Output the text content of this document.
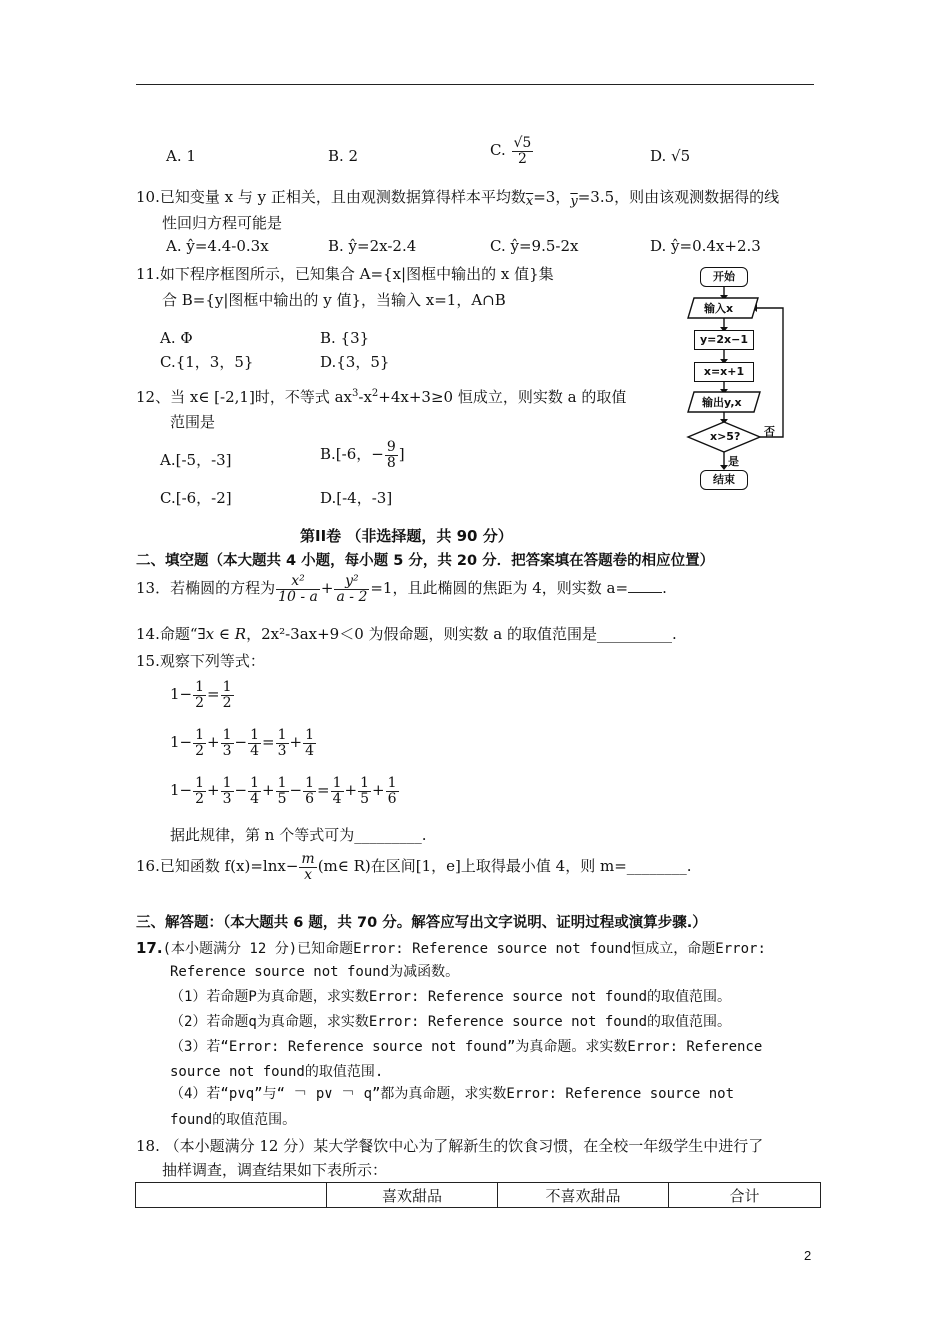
A. 1	B. 2	C. $\frac{√5}{2}$	D. √5
10.已知变量 x 与 y 正相关，且由观测数据算得样本平均数$\overline{x}=3$，$\overline{y}=3.5$，则由该观测数据得的线
性回归方程可能是
A. ŷ=4.4-0.3x	B. ŷ=2x-2.4	C. ŷ=9.5-2x	D. ŷ=0.4x+2.3
11.如下程序框图所示，已知集合 A={x|图框中输出的 x 值}集
合 B={y|图框中输出的 y 值}，当输入 x=1，A∩B
A. Φ	B. {3}
C.{1，3，5}	D.{3，5}
开始
输入x
y=2x−1
x=x+1
输出y,x
x>5? 否
是
结束
12、当 x∈ [-2,1]时，不等式 $ax^3-x^2+4x+3\ge 0$ 恒成立，则实数 a 的取值
范围是
A.[-5，-3]	B.[-6，− $\frac{9}{8}$ ]
C.[-6，-2]	D.[-4，-3]
第II卷 （非选择题，共 90 分）
二、填空题（本大题共 4 小题，每小题 5 分，共 20 分．把答案填在答题卷的相应位置）
13．若椭圆的方程为 $\frac{\text{x²}}{10 - a} + \frac{\text{y²}}{a - 2} =1$，且此椭圆的焦距为 4，则实数 a= .
14.命题“∃x ∈ R，2x²-3ax+9＜0 为假命题，则实数 a 的取值范围是__________.
15.观察下列等式：
$1- \frac{1}{2} = \frac{1}{2}$
$1- \frac{1}{2} + \frac{1}{3} - \frac{1}{4} = \frac{1}{3} + \frac{1}{4}$
$1- \frac{1}{2} + \frac{1}{3} - \frac{1}{4} + \frac{1}{5} - \frac{1}{6} = \frac{1}{4} + \frac{1}{5} + \frac{1}{6}$
据此规律，第 n 个等式可为_________.
16.已知函数 $f(x)=\ln x- \frac{m}{x}$ (m∈ R)在区间[1，e]上取得最小值 4，则 m=________.
三、解答题：（本大题共 6 题，共 70 分。解答应写出文字说明、证明过程或演算步骤.）
17.(本小题满分 12 分)已知命题Error: Reference source not found恒成立，命题Error:
Reference source not found为减函数。
（1）若命题P为真命题，求实数Error: Reference source not found的取值范围。
（2）若命题q为真命题，求实数Error: Reference source not found的取值范围。
（3）若“Error: Reference source not found”为真命题。求实数Error: Reference
source not found的取值范围.
（4）若“p∨q”与“ ￢ p∨ ￢ q”都为真命题，求实数Error: Reference source not
found的取值范围。
18. （本小题满分 12 分）某大学餐饮中心为了解新生的饮食习惯，在全校一年级学生中进行了
抽样调查，调查结果如下表所示：
	喜欢甜品	不喜欢甜品	合计
2
